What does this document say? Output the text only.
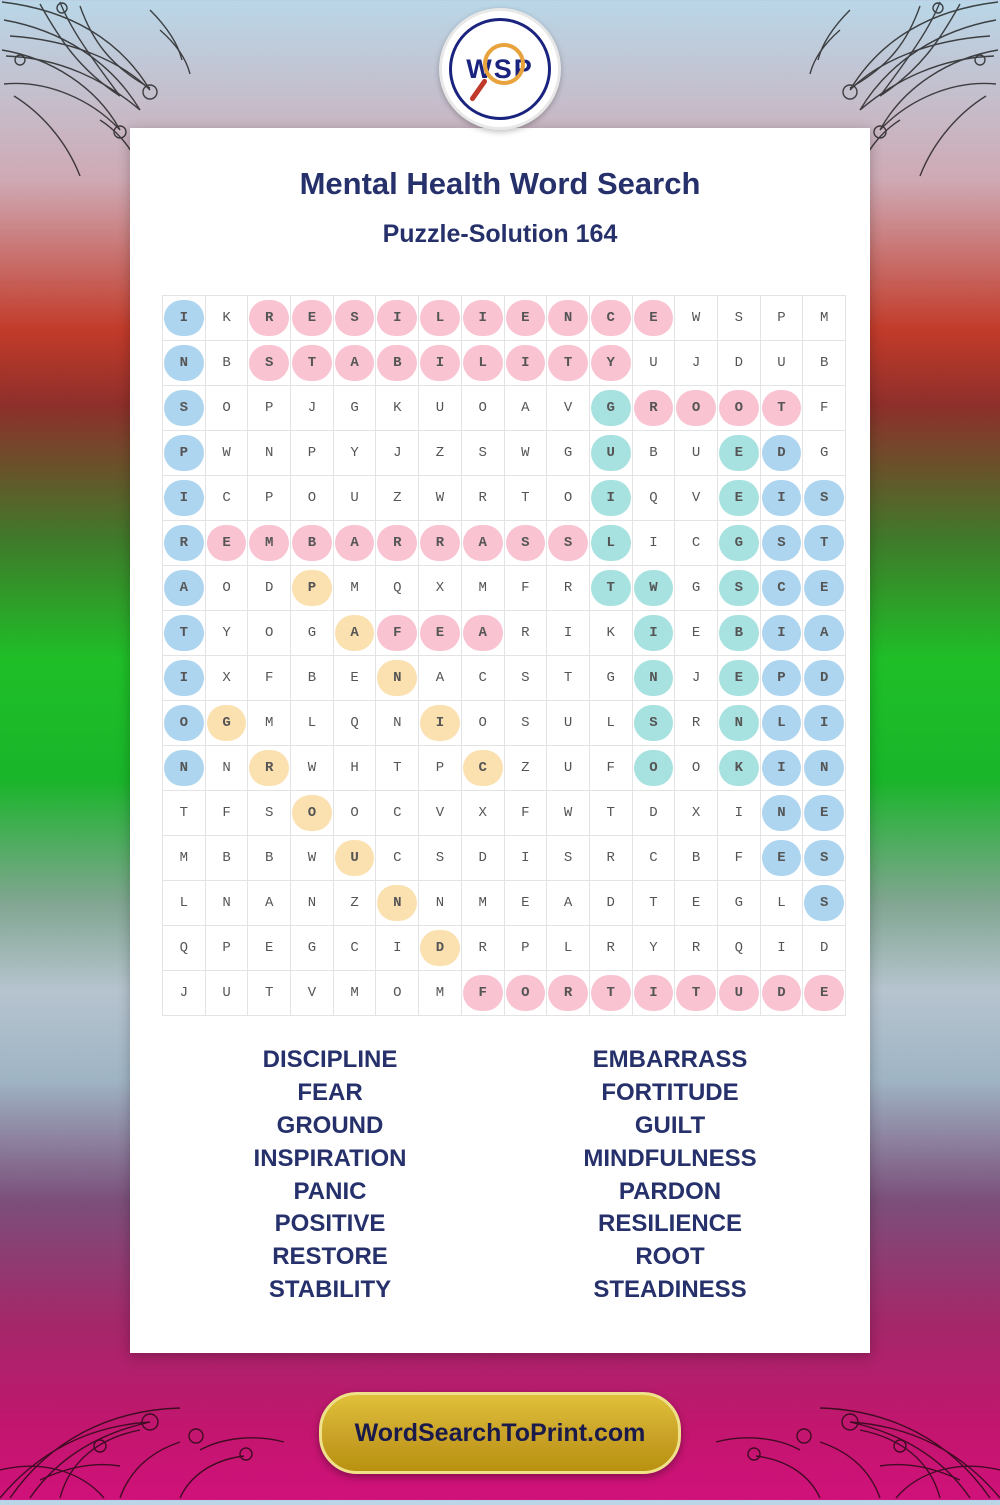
WSP
Mental Health Word Search
Puzzle-Solution 164
I	K	R	E	S	I	L	I	E	N	C	E	W	S	P	M

N	B	S	T	A	B	I	L	I	T	Y	U	J	D	U	B

S	O	P	J	G	K	U	O	A	V	G	R	O	O	T	F

P	W	N	P	Y	J	Z	S	W	G	U	B	U	E	D	G

I	C	P	O	U	Z	W	R	T	O	I	Q	V	E	I	S

R	E	M	B	A	R	R	A	S	S	L	I	C	G	S	T

A	O	D	P	M	Q	X	M	F	R	T	W	G	S	C	E

T	Y	O	G	A	F	E	A	R	I	K	I	E	B	I	A

I	X	F	B	E	N	A	C	S	T	G	N	J	E	P	D

O	G	M	L	Q	N	I	O	S	U	L	S	R	N	L	I

N	N	R	W	H	T	P	C	Z	U	F	O	O	K	I	N
T	F	S	O	O	C	V	X	F	W	T	D	X	I	N	E
M	B	B	W	U	C	S	D	I	S	R	C	B	F	E	S
L	N	A	N	Z	N	N	M	E	A	D	T	E	G	L	S
Q	P	E	G	C	I	D	R	P	L	R	Y	R	Q	I	D
J	U	T	V	M	O	M	F	O	R	T	I	T	U	D	E
DISCIPLINE
FEAR
GROUND
INSPIRATION
PANIC
POSITIVE
RESTORE
STABILITY
EMBARRASS
FORTITUDE
GUILT
MINDFULNESS
PARDON
RESILIENCE
ROOT
STEADINESS
WordSearchToPrint.com
